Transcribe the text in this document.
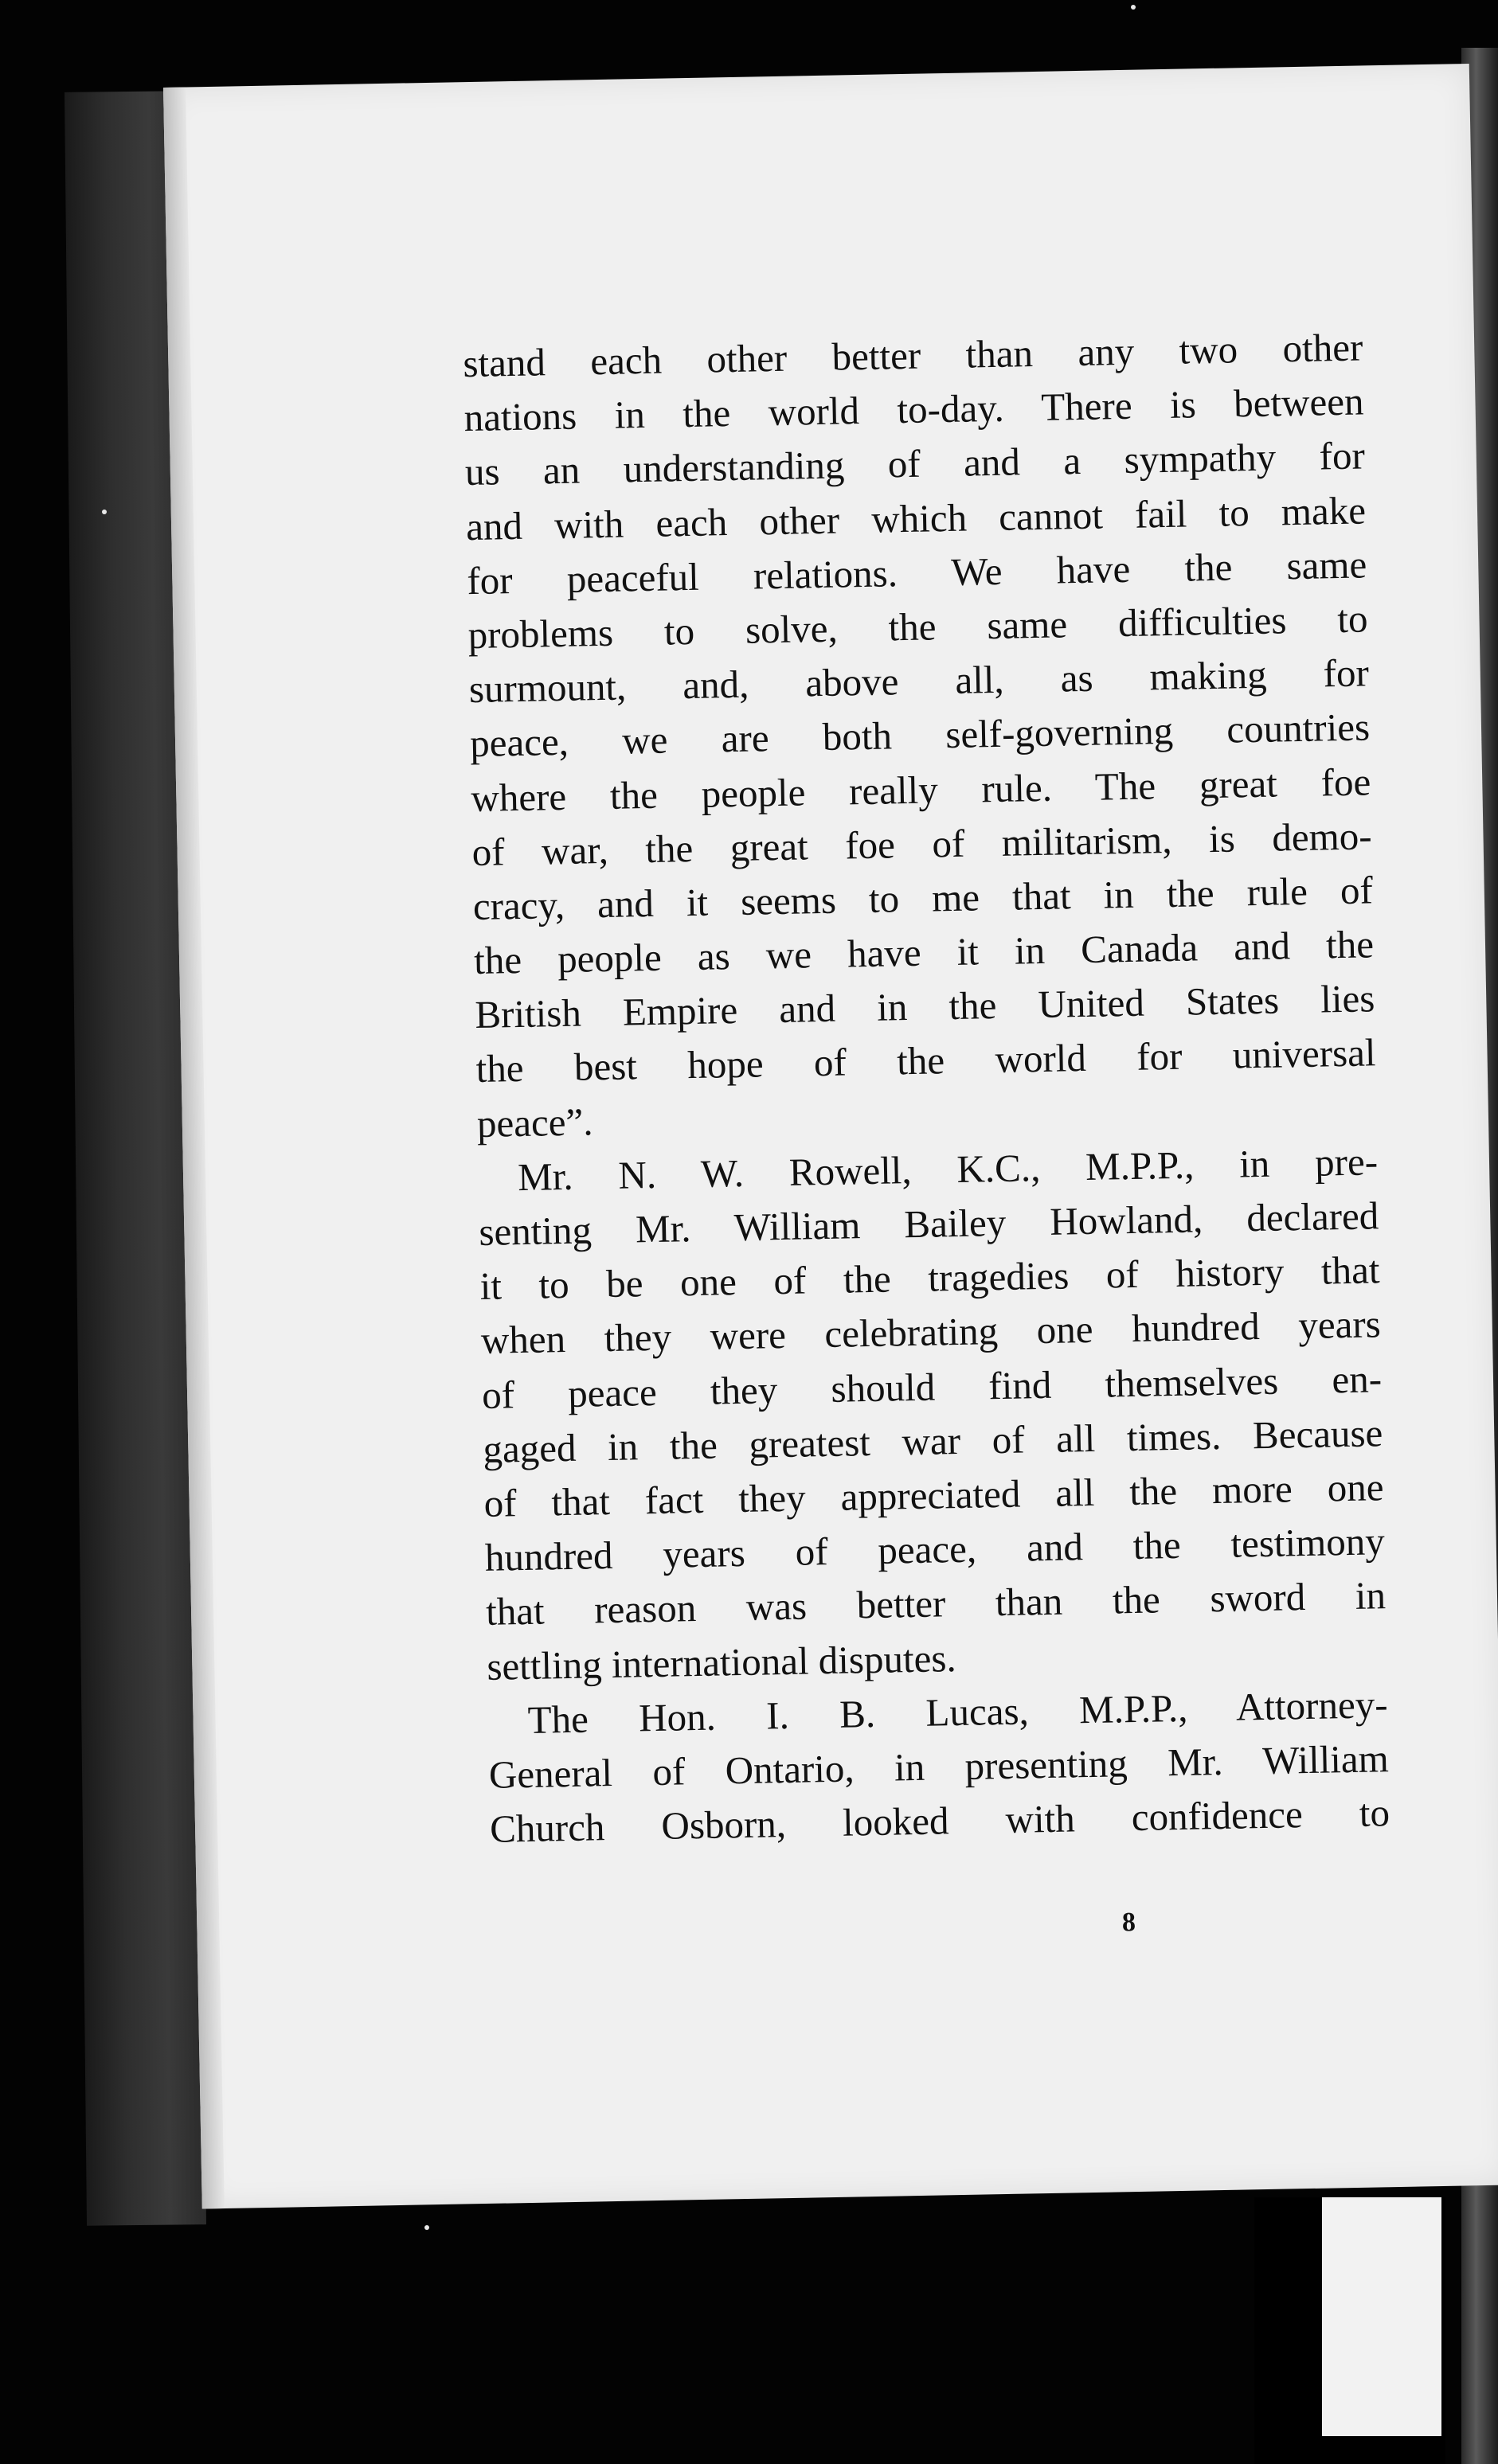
stand each other better than any two other
nations in the world to-day. There is between
us an understanding of and a sympathy for
and with each other which cannot fail to make
for peaceful relations. We have the same
problems to solve, the same difficulties to
surmount, and, above all, as making for
peace, we are both self-governing countries
where the people really rule. The great foe
of war, the great foe of militarism, is demo-
cracy, and it seems to me that in the rule of
the people as we have it in Canada and the
British Empire and in the United States lies
the best hope of the world for universal
peace”.
Mr. N. W. Rowell, K.C., M.P.P., in pre-
senting Mr. William Bailey Howland, declared
it to be one of the tragedies of history that
when they were celebrating one hundred years
of peace they should find themselves en-
gaged in the greatest war of all times. Because
of that fact they appreciated all the more one
hundred years of peace, and the testimony
that reason was better than the sword in
settling international disputes.
The Hon. I. B. Lucas, M.P.P., Attorney-
General of Ontario, in presenting Mr. William
Church Osborn, looked with confidence to
8
